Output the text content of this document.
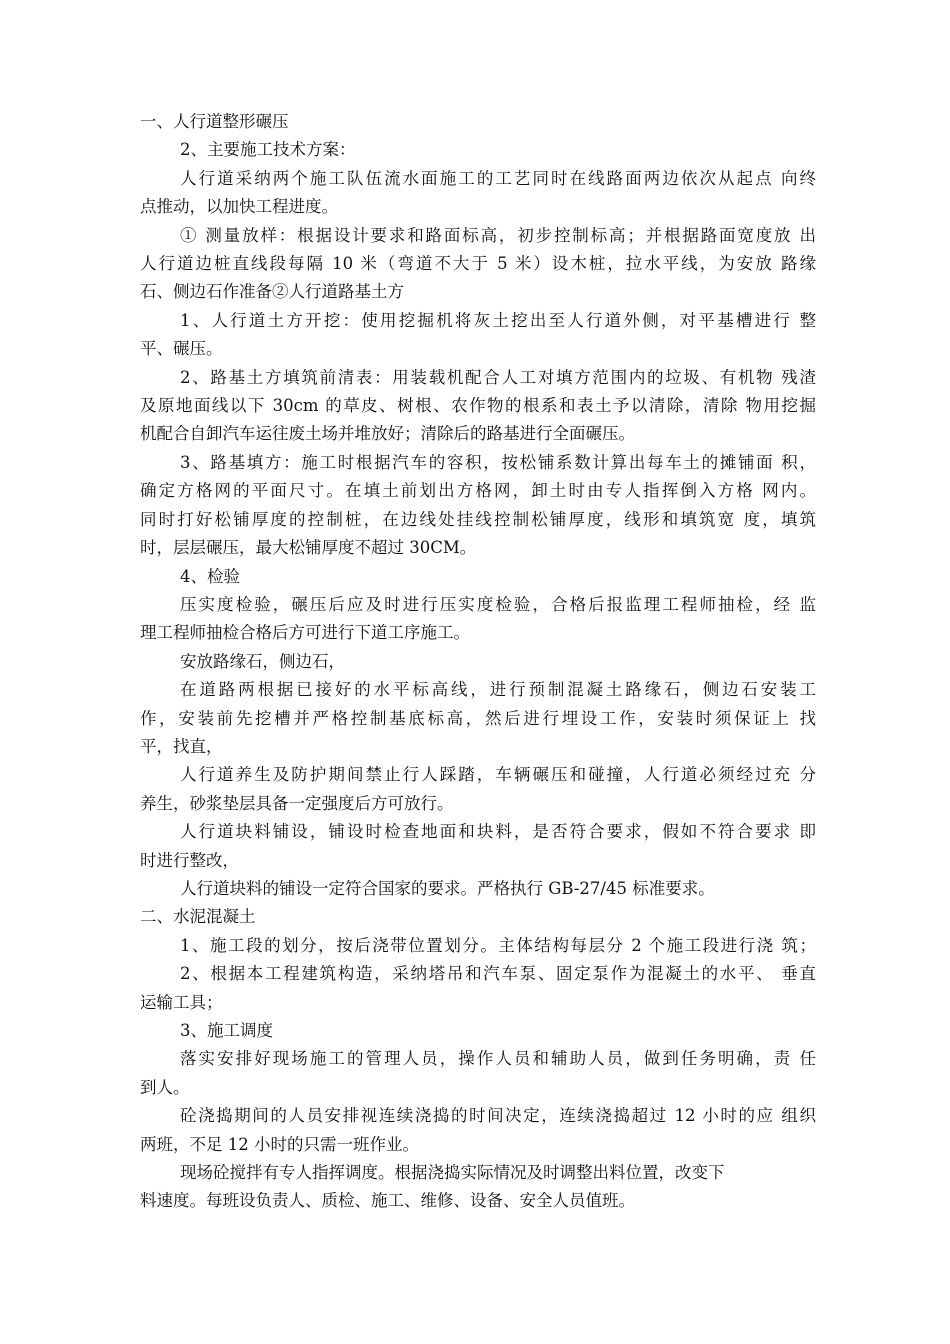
一、人行道整形碾压
2、主要施工技术方案：
人行道采纳两个施工队伍流水面施工的工艺同时在线路面两边依次从起点 向终
点推动，以加快工程进度。
① 测量放样：根据设计要求和路面标高，初步控制标高；并根据路面宽度放 出
人行道边桩直线段每隔 10 米（弯道不大于 5 米）设木桩，拉水平线，为安放 路缘
石、侧边石作准备②人行道路基土方
1、人行道土方开挖：使用挖掘机将灰土挖出至人行道外侧，对平基槽进行 整
平、碾压。
2、路基土方填筑前清表：用装载机配合人工对填方范围内的垃圾、有机物 残渣
及原地面线以下 30cm 的草皮、树根、农作物的根系和表土予以清除，清除 物用挖掘
机配合自卸汽车运往废土场并堆放好；清除后的路基进行全面碾压。
3、路基填方：施工时根据汽车的容积，按松铺系数计算出每车土的摊铺面 积，
确定方格网的平面尺寸。在填土前划出方格网，卸土时由专人指挥倒入方格 网内。
同时打好松铺厚度的控制桩，在边线处挂线控制松铺厚度，线形和填筑宽 度，填筑
时，层层碾压，最大松铺厚度不超过 30CM。
4、检验
压实度检验，碾压后应及时进行压实度检验，合格后报监理工程师抽检，经 监
理工程师抽检合格后方可进行下道工序施工。
安放路缘石，侧边石，
在道路两根据已接好的水平标高线，进行预制混凝土路缘石，侧边石安装工
作，安装前先挖槽并严格控制基底标高，然后进行埋设工作，安装时须保证上 找
平，找直，
人行道养生及防护期间禁止行人踩踏，车辆碾压和碰撞，人行道必须经过充 分
养生，砂浆垫层具备一定强度后方可放行。
人行道块料铺设，铺设时检查地面和块料，是否符合要求，假如不符合要求 即
时进行整改，
人行道块料的铺设一定符合国家的要求。严格执行 GB-27/45 标准要求。
二、水泥混凝土
1、施工段的划分，按后浇带位置划分。主体结构每层分 2 个施工段进行浇 筑；
2、根据本工程建筑构造，采纳塔吊和汽车泵、固定泵作为混凝土的水平、 垂直
运输工具；
3、施工调度
落实安排好现场施工的管理人员，操作人员和辅助人员，做到任务明确，责 任
到人。
砼浇捣期间的人员安排视连续浇捣的时间决定，连续浇捣超过 12 小时的应 组织
两班，不足 12 小时的只需一班作业。
现场砼搅拌有专人指挥调度。根据浇捣实际情况及时调整出料位置，改变下
料速度。每班设负责人、质检、施工、维修、设备、安全人员值班。
